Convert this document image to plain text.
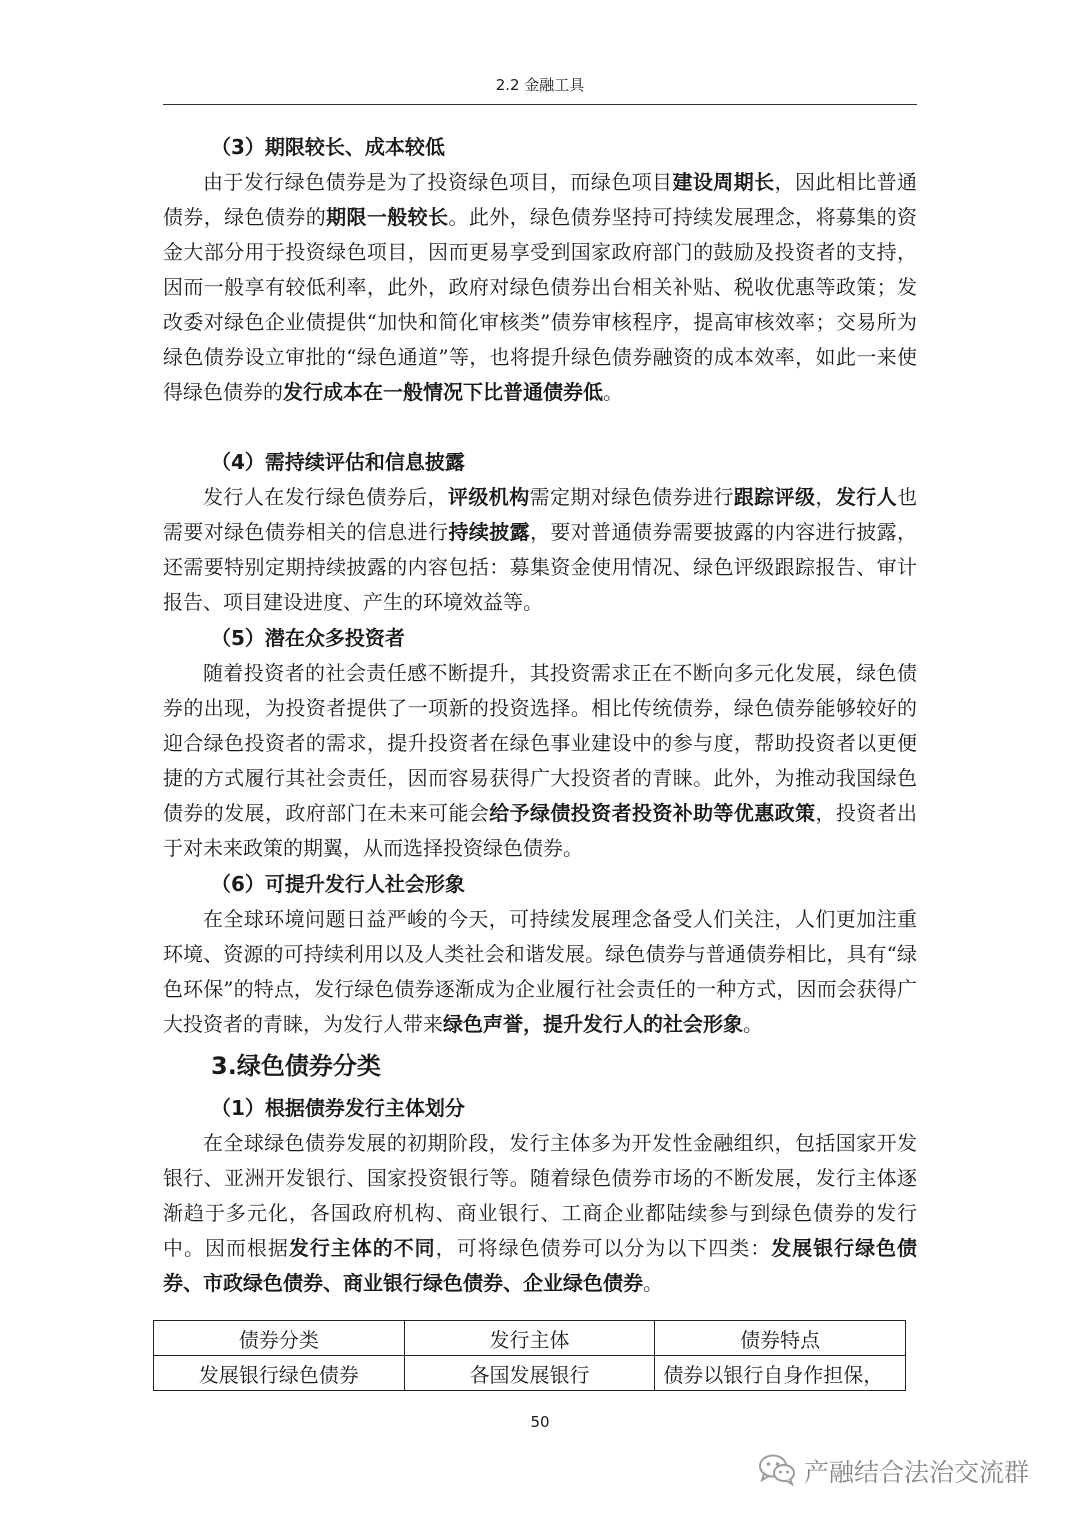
2.2 金融工具
（3）期限较长、成本较低
由于发行绿色债券是为了投资绿色项目，而绿色项目建设周期长，因此相比普通债券，绿色债券的期限一般较长。此外，绿色债券坚持可持续发展理念，将募集的资金大部分用于投资绿色项目，因而更易享受到国家政府部门的鼓励及投资者的支持，因而一般享有较低利率，此外，政府对绿色债券出台相关补贴、税收优惠等政策；发改委对绿色企业债提供“加快和简化审核类”债券审核程序，提高审核效率；交易所为绿色债券设立审批的“绿色通道”等，也将提升绿色债券融资的成本效率，如此一来使得绿色债券的发行成本在一般情况下比普通债券低。
（4）需持续评估和信息披露
发行人在发行绿色债券后，评级机构需定期对绿色债券进行跟踪评级，发行人也需要对绿色债券相关的信息进行持续披露，要对普通债券需要披露的内容进行披露，还需要特别定期持续披露的内容包括：募集资金使用情况、绿色评级跟踪报告、审计报告、项目建设进度、产生的环境效益等。
（5）潜在众多投资者
随着投资者的社会责任感不断提升，其投资需求正在不断向多元化发展，绿色债券的出现，为投资者提供了一项新的投资选择。相比传统债券，绿色债券能够较好的迎合绿色投资者的需求，提升投资者在绿色事业建设中的参与度，帮助投资者以更便捷的方式履行其社会责任，因而容易获得广大投资者的青睐。此外，为推动我国绿色债券的发展，政府部门在未来可能会给予绿债投资者投资补助等优惠政策，投资者出于对未来政策的期翼，从而选择投资绿色债券。
（6）可提升发行人社会形象
在全球环境问题日益严峻的今天，可持续发展理念备受人们关注，人们更加注重环境、资源的可持续利用以及人类社会和谐发展。绿色债券与普通债券相比，具有“绿色环保”的特点，发行绿色债券逐渐成为企业履行社会责任的一种方式，因而会获得广大投资者的青睐，为发行人带来绿色声誉，提升发行人的社会形象。
3.绿色债券分类
（1）根据债券发行主体划分
在全球绿色债券发展的初期阶段，发行主体多为开发性金融组织，包括国家开发银行、亚洲开发银行、国家投资银行等。随着绿色债券市场的不断发展，发行主体逐渐趋于多元化，各国政府机构、商业银行、工商企业都陆续参与到绿色债券的发行中。因而根据发行主体的不同，可将绿色债券可以分为以下四类：发展银行绿色债券、市政绿色债券、商业银行绿色债券、企业绿色债券。
债券分类	发行主体	债券特点
发展银行绿色债券	各国发展银行	债券以银行自身作担保，
50
产融结合法治交流群
